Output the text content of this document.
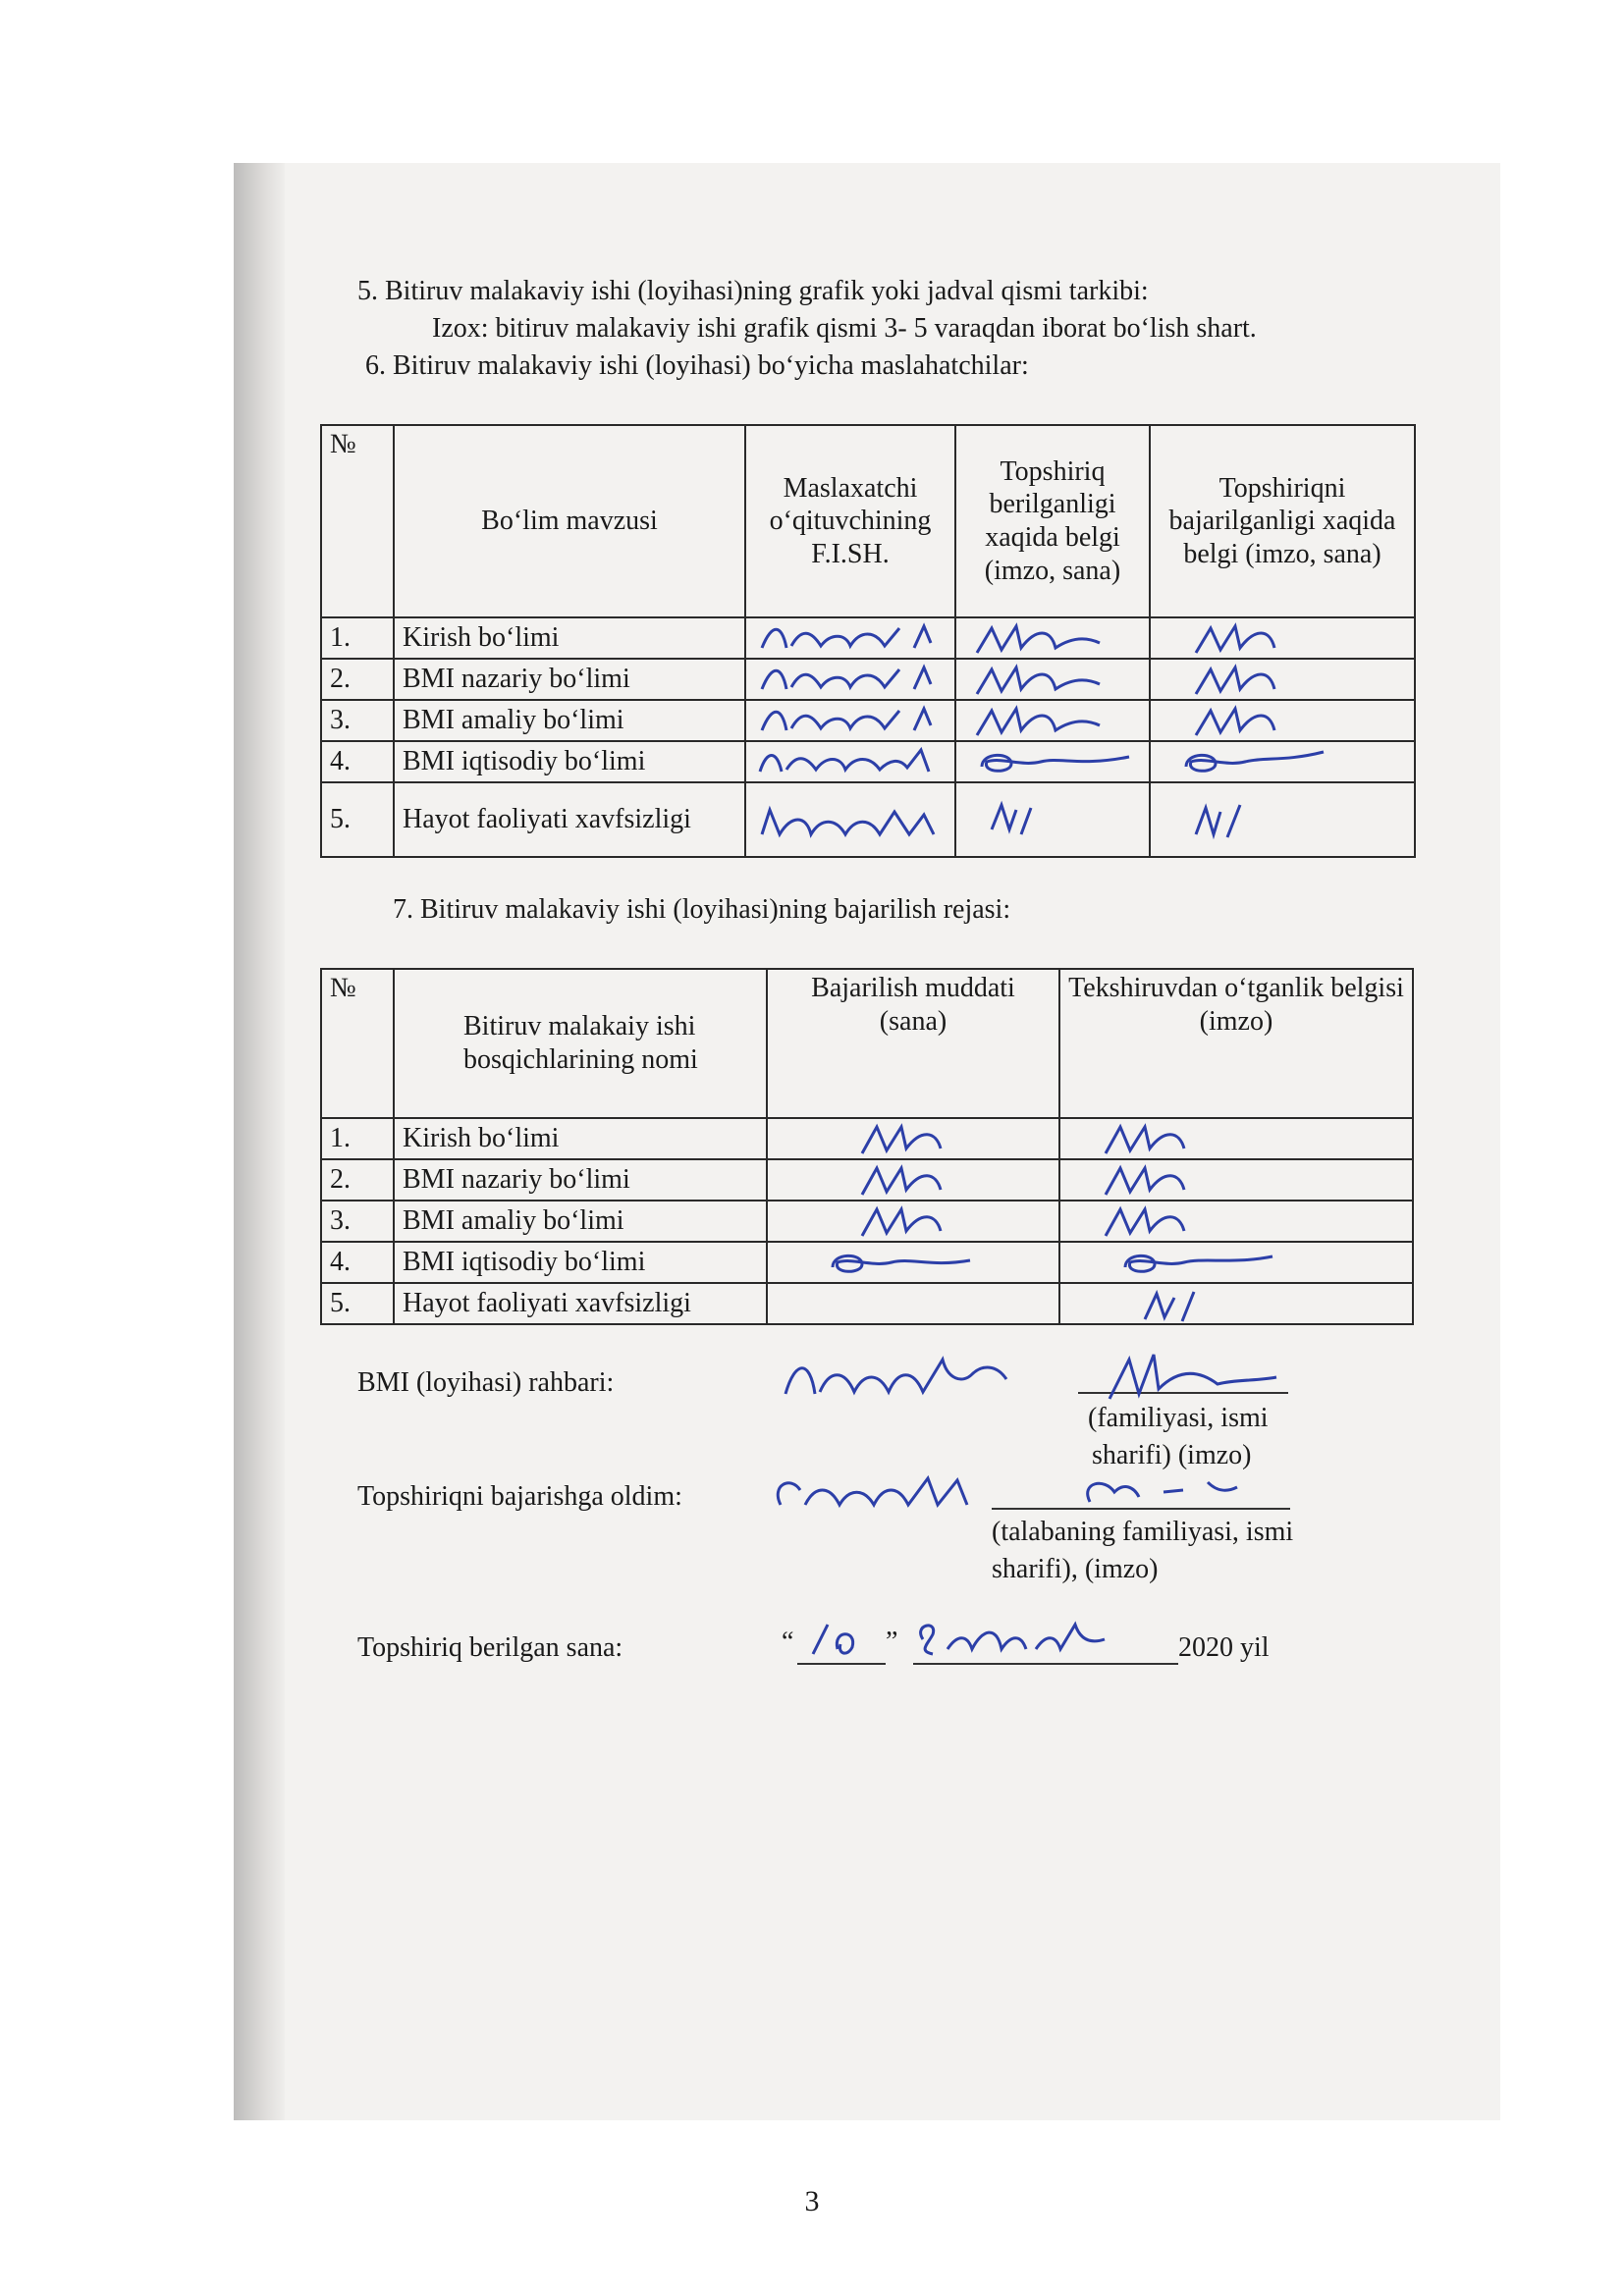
5. Bitiruv malakaviy ishi (loyihasi)ning grafik yoki jadval qismi tarkibi:
Izox: bitiruv malakaviy ishi grafik qismi 3- 5 varaqdan iborat bo‘lish shart.
6. Bitiruv malakaviy ishi (loyihasi) bo‘yicha maslahatchilar:
№	Bo‘lim mavzusi	Maslaxatchi o‘qituvchining F.I.SH.	Topshiriq berilganligi xaqida belgi (imzo, sana)	Topshiriqni bajarilganligi xaqida belgi (imzo, sana)
1.	Kirish bo‘limi	

2.	BMI nazariy bo‘limi	

3.	BMI amaliy bo‘limi	

4.	BMI iqtisodiy bo‘limi	

5.	Hayot faoliyati xavfsizligi	

7. Bitiruv malakaviy ishi (loyihasi)ning bajarilish rejasi:
№	Bitiruv malakaiy ishi bosqichlarining nomi	Bajarilish muddati (sana)	Tekshiruvdan o‘tganlik belgisi (imzo)
1.	Kirish bo‘limi	

2.	BMI nazariy bo‘limi	

3.	BMI amaliy bo‘limi	

4.	BMI iqtisodiy bo‘limi	

5.	Hayot faoliyati xavfsizligi		
BMI (loyihasi) rahbari:
(familiyasi, ismi
sharifi) (imzo)
Topshiriqni bajarishga oldim:
(talabaning familiyasi, ismi
sharifi), (imzo)
Topshiriq berilgan sana:	“	”	2020 yil
3
